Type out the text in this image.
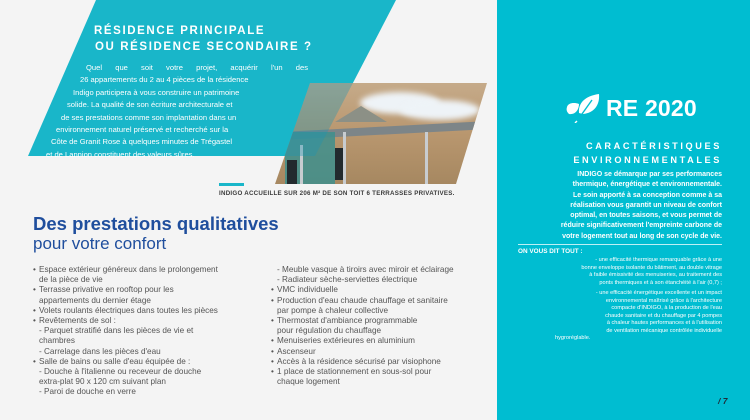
RÉSIDENCE PRINCIPALE
OU RÉSIDENCE SECONDAIRE ?
Quel que soit votre projet, acquérir l'un des
26 appartements du 2 au 4 pièces de la résidence
Indigo participera à vous construire un patrimoine
solide. La qualité de son écriture architecturale et
de ses prestations comme son implantation dans un
environnement naturel préservé et recherché sur la
Côte de Granit Rose à quelques minutes de Trégastel
et de Lannion constituent des valeurs sûres.
INDIGO ACCUEILLE SUR 206 M² DE SON TOIT 6 TERRASSES PRIVATIVES.
Des prestations qualitatives
pour votre confort
• Espace extérieur généreux dans le prolongement
de la pièce de vie
• Terrasse privative en rooftop pour les
appartements du dernier étage
• Volets roulants électriques dans toutes les pièces
• Revêtements de sol :
- Parquet stratifié dans les pièces de vie et
chambres
- Carrelage dans les pièces d'eau
• Salle de bains ou salle d'eau équipée de :
- Douche à l'italienne ou receveur de douche
extra-plat 90 x 120 cm suivant plan
- Paroi de douche en verre
- Meuble vasque à tiroirs avec miroir et éclairage
- Radiateur sèche-serviettes électrique
• VMC individuelle
• Production d'eau chaude chauffage et sanitaire
par pompe à chaleur collective
• Thermostat d'ambiance programmable
pour régulation du chauffage
• Menuiseries extérieures en aluminium
• Ascenseur
• Accès à la résidence sécurisé par visiophone
• 1 place de stationnement en sous-sol pour
chaque logement
RE 2020
CARACTÉRISTIQUES
ENVIRONNEMENTALES
INDIGO se démarque par ses performances
thermique, énergétique et environnementale.
Le soin apporté à sa conception comme à sa
réalisation vous garantit un niveau de confort
optimal, en toutes saisons, et vous permet de
réduire significativement l'empreinte carbone de
votre logement tout au long de son cycle de vie.
ON VOUS DIT TOUT :
- une efficacité thermique remarquable grâce à une
bonne enveloppe isolante du bâtiment, au double vitrage
à faible émissivité des menuiseries, au traitement des
ponts thermiques et à son étanchéité à l'air (0,7) ;
- une efficacité énergétique excellente et un impact
environnemental maîtrisé grâce à l'architecture
compacte d'INDIGO, à la production de l'eau
chaude sanitaire et du chauffage par 4 pompes
à chaleur hautes performances et à l'utilisation
de ventilation mécanique contrôlée individuelle
hygroréglable.
/ 7
